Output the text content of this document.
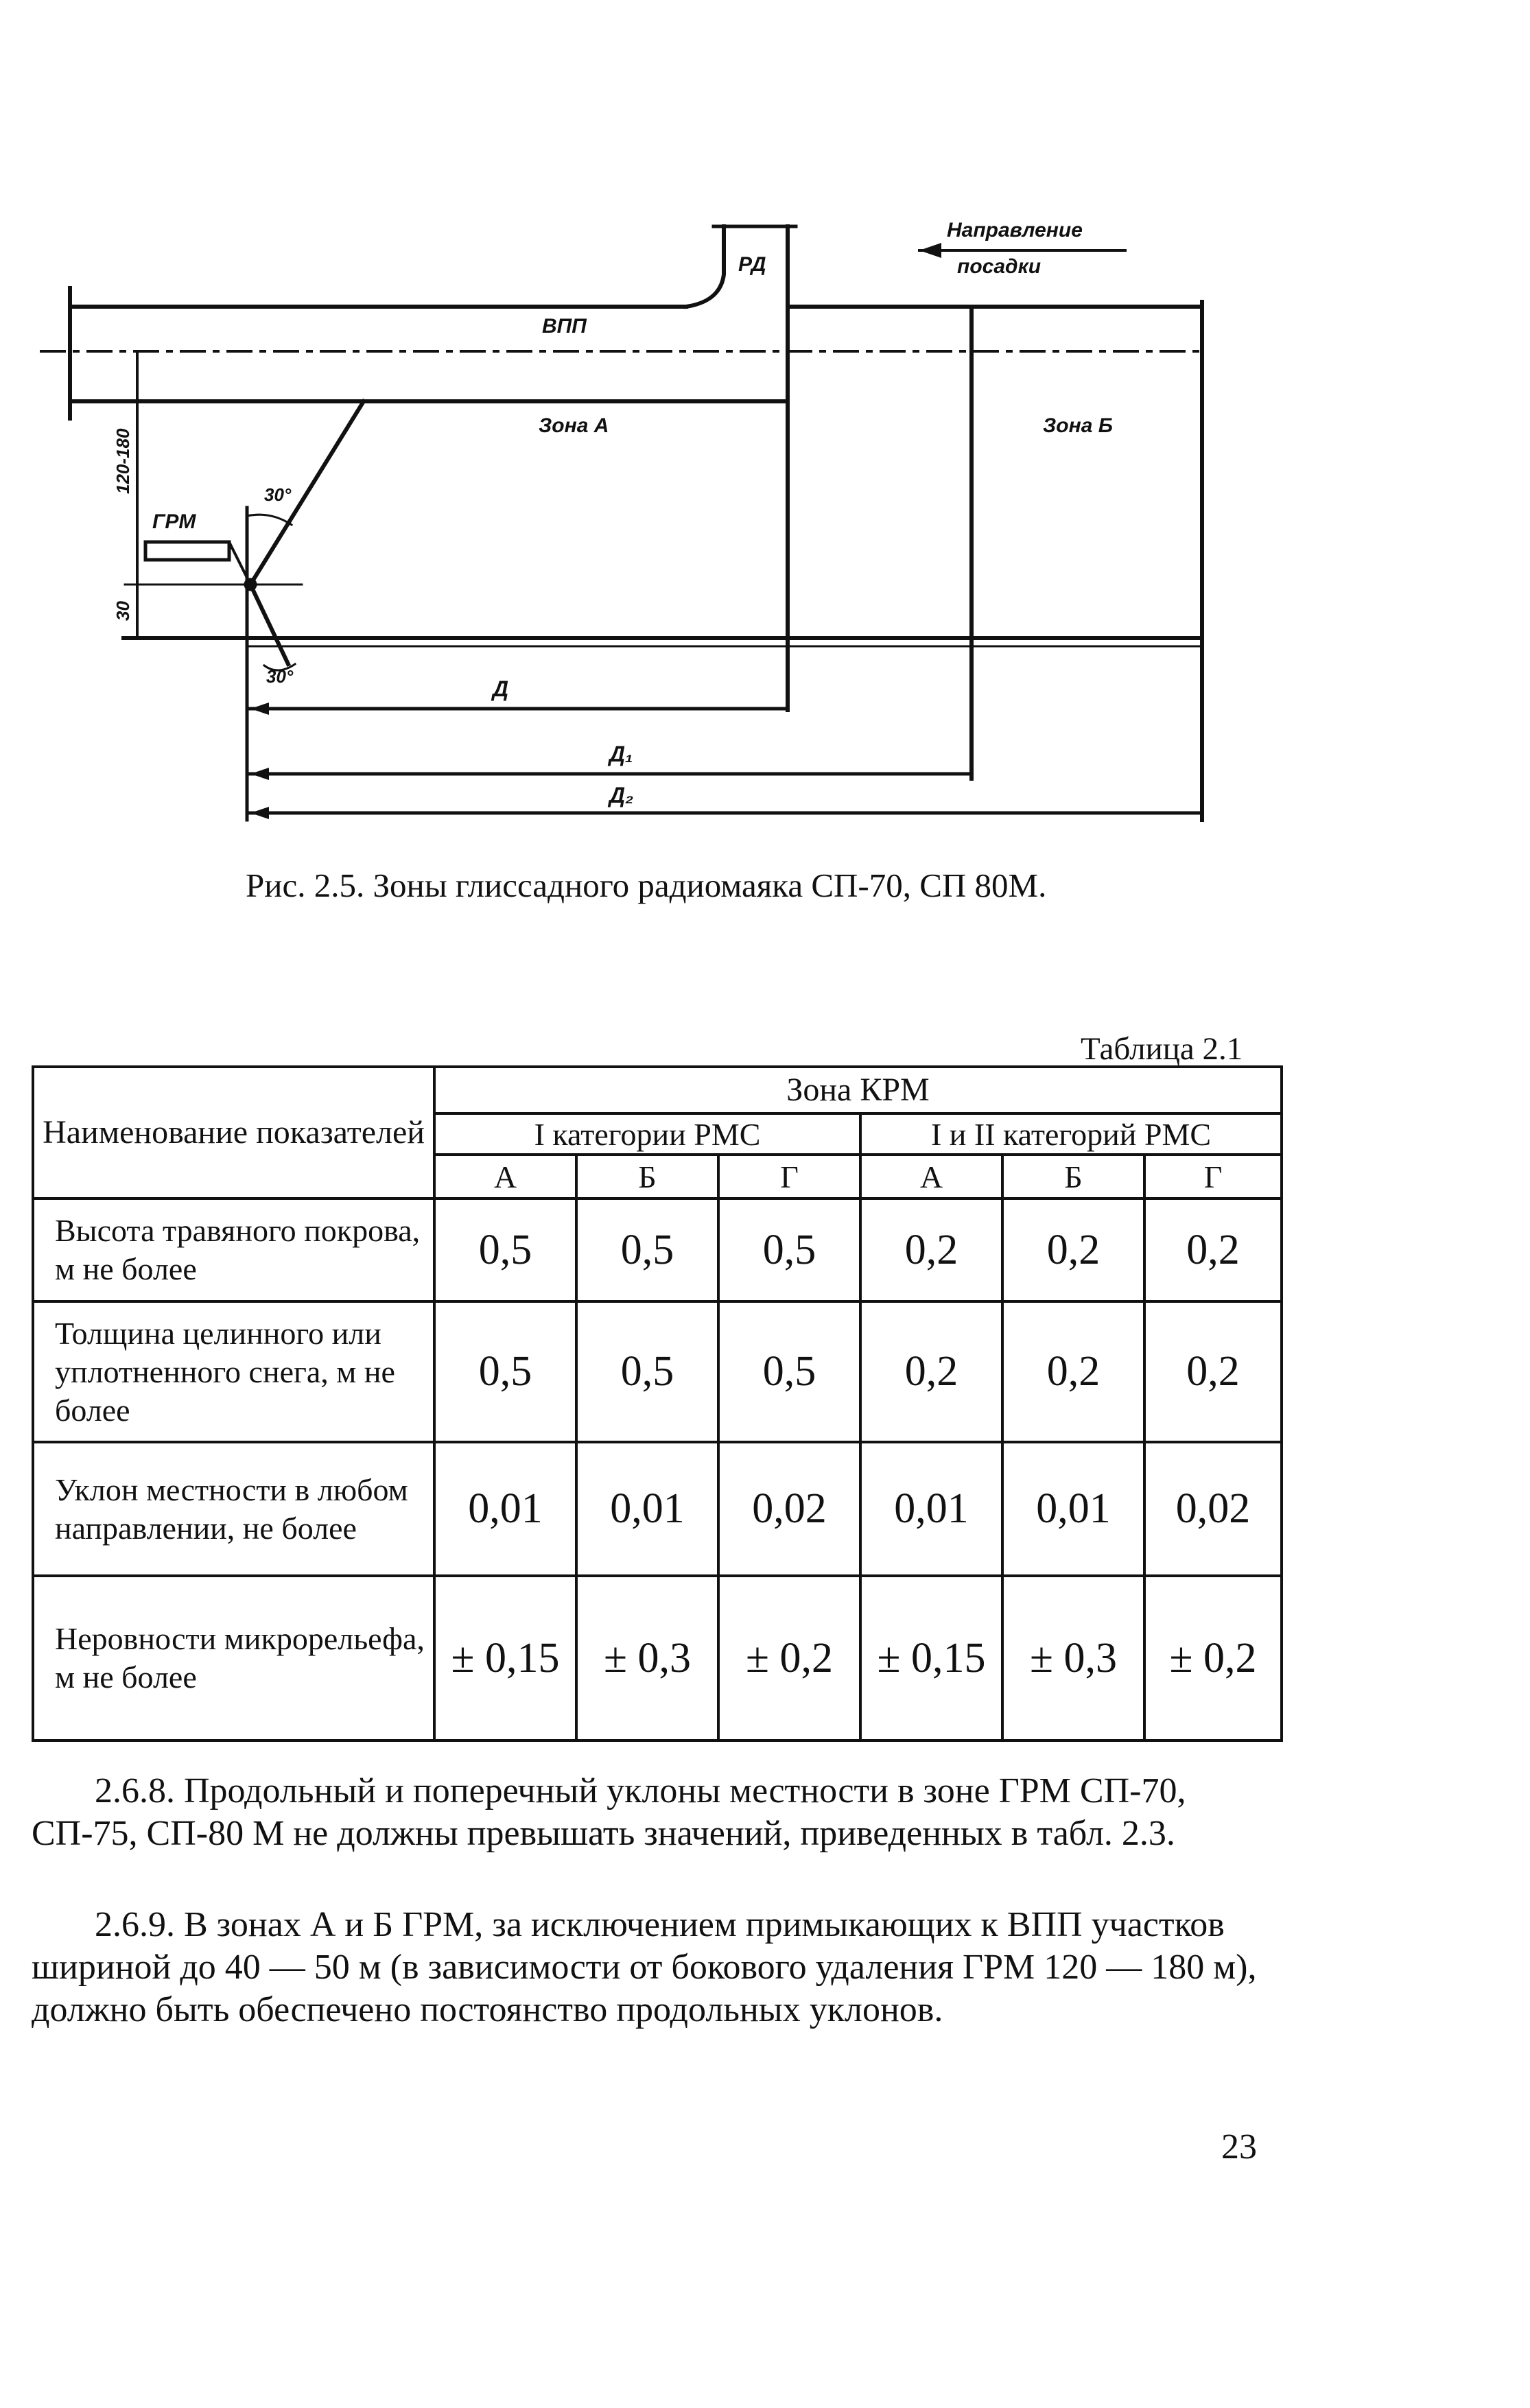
ВПП
РД
Направление
посадки
Зона А	Зона Б
ГРМ
30°
30°
120-180
30
Д
Д₁
Д₂
Рис. 2.5. Зоны глиссадного радиомаяка СП-70, СП 80М.
Таблица 2.1
Наименование показателей	Зона КРМ					
	I категории РМС			I и II категорий РМС		
	А	Б	Г	А	Б	Г
Высота травяного покрова, м не более	0,5	0,5	0,5	0,2	0,2	0,2
Толщина целинного или уплотненного снега, м не более	0,5	0,5	0,5	0,2	0,2	0,2
Уклон местности в любом направлении, не более	0,01	0,01	0,02	0,01	0,01	0,02
Неровности микрорельефа, м не более	± 0,15	± 0,3	± 0,2	± 0,15	± 0,3	± 0,2

2.6.8. Продольный и поперечный уклоны местности в зоне ГРМ СП-70, СП-75, СП-80 М не должны превышать значений, приведенных в табл. 2.3.

2.6.9. В зонах А и Б ГРМ, за исключением примыкающих к ВПП участков шириной до 40 — 50 м (в зависимости от бокового удаления ГРМ 120 — 180 м), должно быть обеспечено постоянство продольных уклонов.

23
